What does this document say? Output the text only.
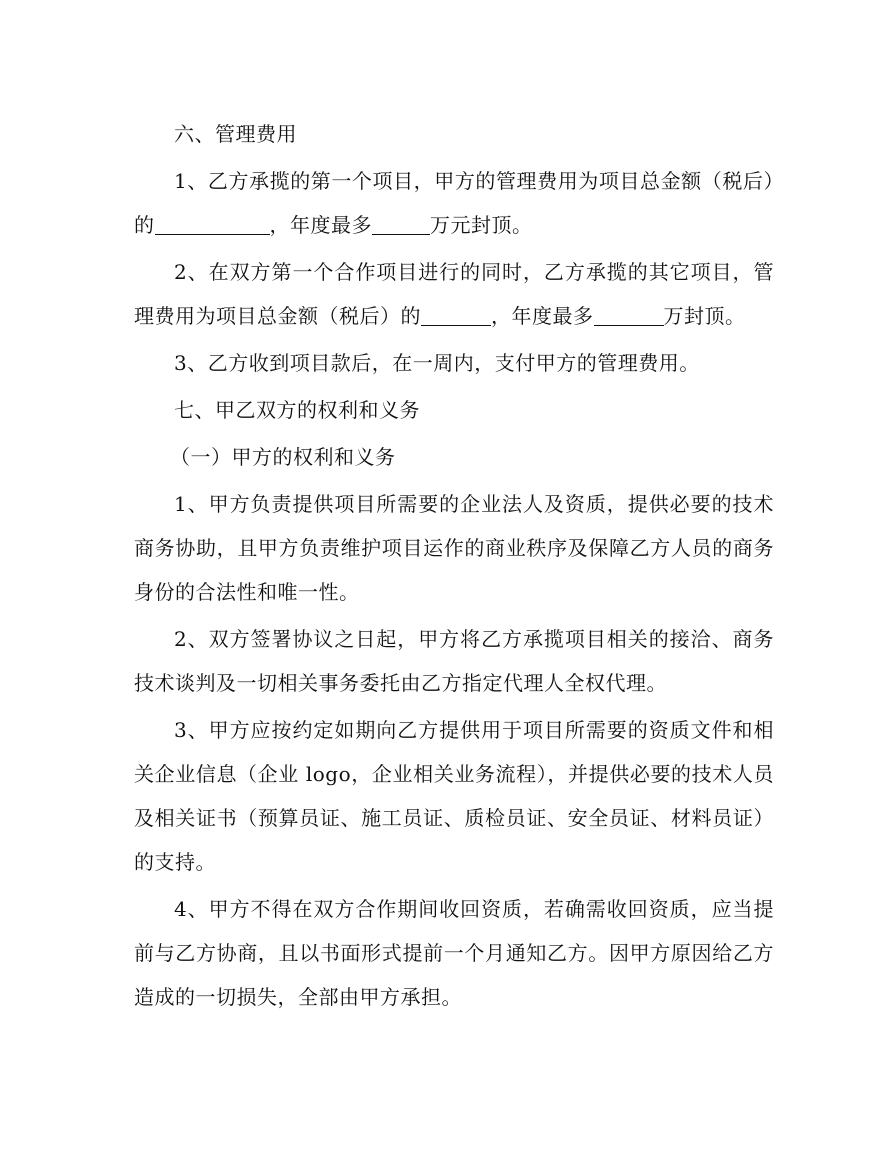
六、管理费用

1、乙方承揽的第一个项目，甲方的管理费用为项目总金额（税后）的	，年度最多	万元封顶。

2、在双方第一个合作项目进行的同时，乙方承揽的其它项目，管理费用为项目总金额（税后）的	，年度最多	万封顶。

3、乙方收到项目款后，在一周内，支付甲方的管理费用。

七、甲乙双方的权利和义务

（一）甲方的权利和义务

1、甲方负责提供项目所需要的企业法人及资质，提供必要的技术商务协助，且甲方负责维护项目运作的商业秩序及保障乙方人员的商务身份的合法性和唯一性。

2、双方签署协议之日起，甲方将乙方承揽项目相关的接洽、商务技术谈判及一切相关事务委托由乙方指定代理人全权代理。

3、甲方应按约定如期向乙方提供用于项目所需要的资质文件和相关企业信息（企业 logo，企业相关业务流程），并提供必要的技术人员及相关证书（预算员证、施工员证、质检员证、安全员证、材料员证）的支持。

4、甲方不得在双方合作期间收回资质，若确需收回资质，应当提前与乙方协商，且以书面形式提前一个月通知乙方。因甲方原因给乙方造成的一切损失，全部由甲方承担。
